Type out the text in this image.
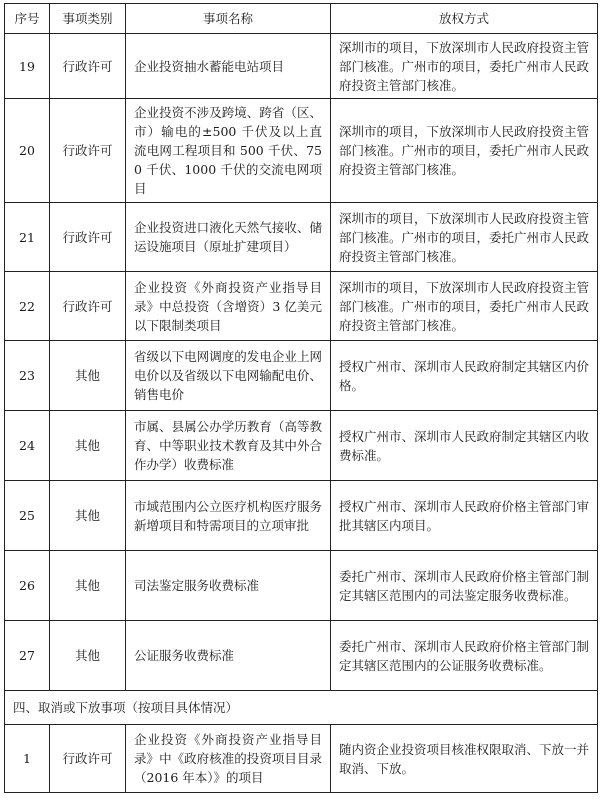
序号	事项类别	事项名称	放权方式
19	行政许可	企业投资抽水蓄能电站项目	深圳市的项目，下放深圳市人民政府投资主管部门核准。广州市的项目，委托广州市人民政府投资主管部门核准。
20	行政许可	企业投资不涉及跨境、跨省（区、市）输电的±500 千伏及以上直流电网工程项目和 500 千伏、750 千伏、1000 千伏的交流电网项目	深圳市的项目，下放深圳市人民政府投资主管部门核准。广州市的项目，委托广州市人民政府投资主管部门核准。
21	行政许可	企业投资进口液化天然气接收、储运设施项目（原址扩建项目）	深圳市的项目，下放深圳市人民政府投资主管部门核准。广州市的项目，委托广州市人民政府投资主管部门核准。
22	行政许可	企业投资《外商投资产业指导目录》中总投资（含增资）3 亿美元以下限制类项目	深圳市的项目，下放深圳市人民政府投资主管部门核准。广州市的项目，委托广州市人民政府投资主管部门核准。
23	其他	省级以下电网调度的发电企业上网电价以及省级以下电网输配电价、销售电价	授权广州市、深圳市人民政府制定其辖区内价格。
24	其他	市属、县属公办学历教育（高等教育、中等职业技术教育及其中外合作办学）收费标准	授权广州市、深圳市人民政府制定其辖区内收费标准。
25	其他	市域范围内公立医疗机构医疗服务新增项目和特需项目的立项审批	授权广州市、深圳市人民政府价格主管部门审批其辖区内项目。
26	其他	司法鉴定服务收费标准	委托广州市、深圳市人民政府价格主管部门制定其辖区范围内的司法鉴定服务收费标准。
27	其他	公证服务收费标准	委托广州市、深圳市人民政府价格主管部门制定其辖区范围内的公证服务收费标准。
四、取消或下放事项（按项目具体情况）			
1	行政许可	企业投资《外商投资产业指导目录》中《政府核准的投资项目目录（2016 年本）》的项目	随内资企业投资项目核准权限取消、下放一并取消、下放。
